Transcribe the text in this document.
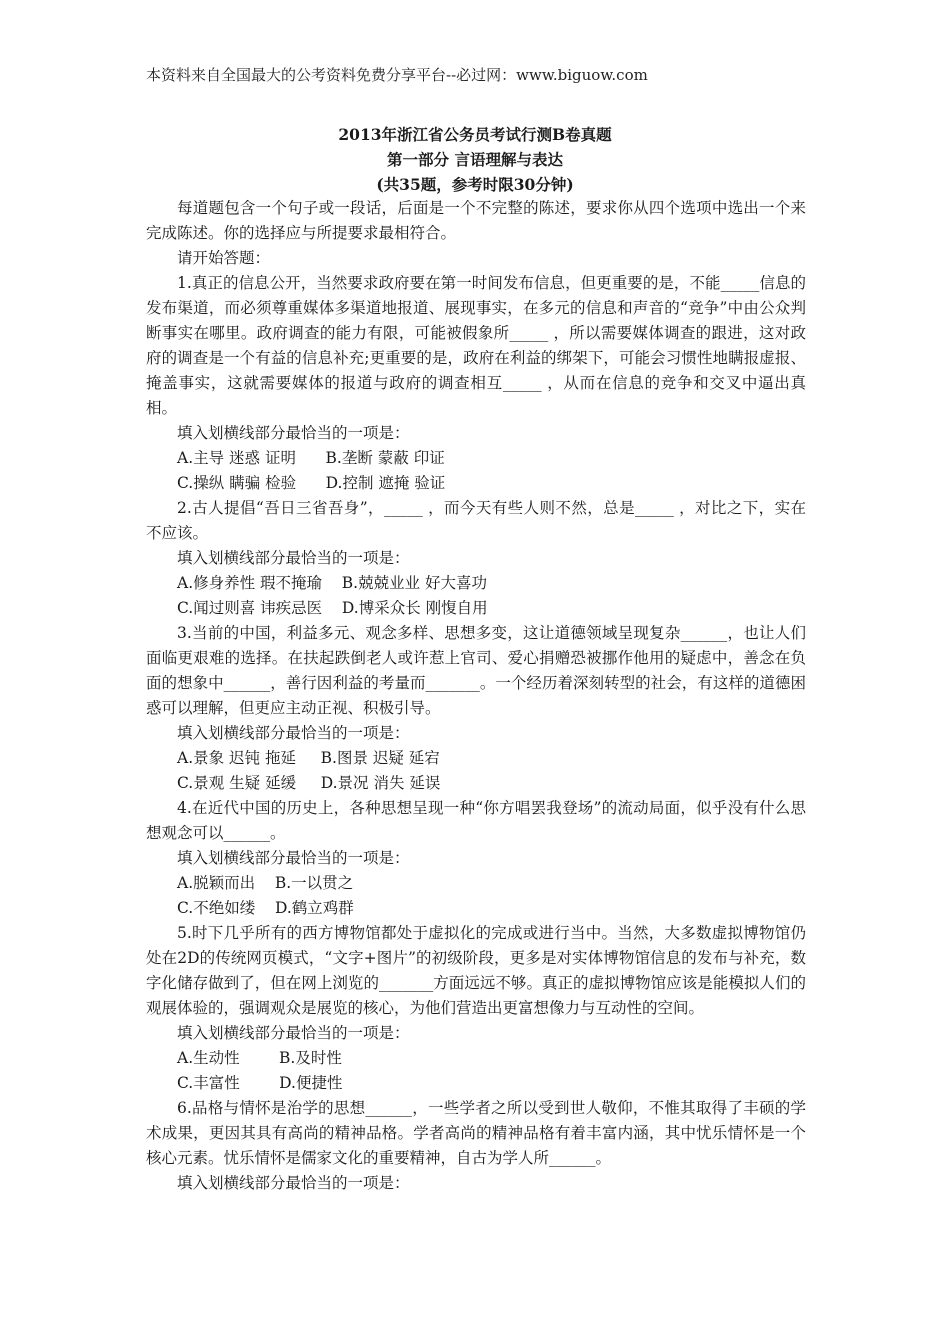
本资料来自全国最大的公考资料免费分享平台--必过网：www.biguow.com
2013年浙江省公务员考试行测B卷真题
第一部分 言语理解与表达
(共35题，参考时限30分钟)

每道题包含一个句子或一段话，后面是一个不完整的陈述，要求你从四个选项中选出一个来完成陈述。你的选择应与所提要求最相符合。

请开始答题：

1.真正的信息公开，当然要求政府要在第一时间发布信息，但更重要的是，不能_____信息的发布渠道，而必须尊重媒体多渠道地报道、展现事实，在多元的信息和声音的“竞争”中由公众判断事实在哪里。政府调查的能力有限，可能被假象所_____ ，所以需要媒体调查的跟进，这对政府的调查是一个有益的信息补充;更重要的是，政府在利益的绑架下，可能会习惯性地瞒报虚报、掩盖事实，这就需要媒体的报道与政府的调查相互_____ ，从而在信息的竞争和交叉中逼出真相。

填入划横线部分最恰当的一项是：

A.主导 迷惑 证明 B.垄断 蒙蔽 印证

C.操纵 瞒骗 检验 D.控制 遮掩 验证

2.古人提倡“吾日三省吾身”，_____ ，而今天有些人则不然，总是_____ ，对比之下，实在不应该。

填入划横线部分最恰当的一项是：

A.修身养性 瑕不掩瑜 B.兢兢业业 好大喜功

C.闻过则喜 讳疾忌医 D.博采众长 刚愎自用

3.当前的中国，利益多元、观念多样、思想多变，这让道德领域呈现复杂______，也让人们面临更艰难的选择。在扶起跌倒老人或许惹上官司、爱心捐赠恐被挪作他用的疑虑中，善念在负面的想象中______，善行因利益的考量而_______。一个经历着深刻转型的社会，有这样的道德困惑可以理解，但更应主动正视、积极引导。

填入划横线部分最恰当的一项是：

A.景象 迟钝 拖延 B.图景 迟疑 延宕

C.景观 生疑 延缓 D.景况 消失 延误

4.在近代中国的历史上，各种思想呈现一种“你方唱罢我登场”的流动局面，似乎没有什么思想观念可以______。

填入划横线部分最恰当的一项是：

A.脱颖而出 B.一以贯之

C.不绝如缕 D.鹤立鸡群

5.时下几乎所有的西方博物馆都处于虚拟化的完成或进行当中。当然，大多数虚拟博物馆仍处在2D的传统网页模式，“文字+图片”的初级阶段，更多是对实体博物馆信息的发布与补充，数字化储存做到了，但在网上浏览的_______方面远远不够。真正的虚拟博物馆应该是能模拟人们的观展体验的，强调观众是展览的核心，为他们营造出更富想像力与互动性的空间。

填入划横线部分最恰当的一项是：

A.生动性	B.及时性

C.丰富性	D.便捷性

6.品格与情怀是治学的思想______，一些学者之所以受到世人敬仰，不惟其取得了丰硕的学术成果，更因其具有高尚的精神品格。学者高尚的精神品格有着丰富内涵，其中忧乐情怀是一个核心元素。忧乐情怀是儒家文化的重要精神，自古为学人所______。

填入划横线部分最恰当的一项是：
